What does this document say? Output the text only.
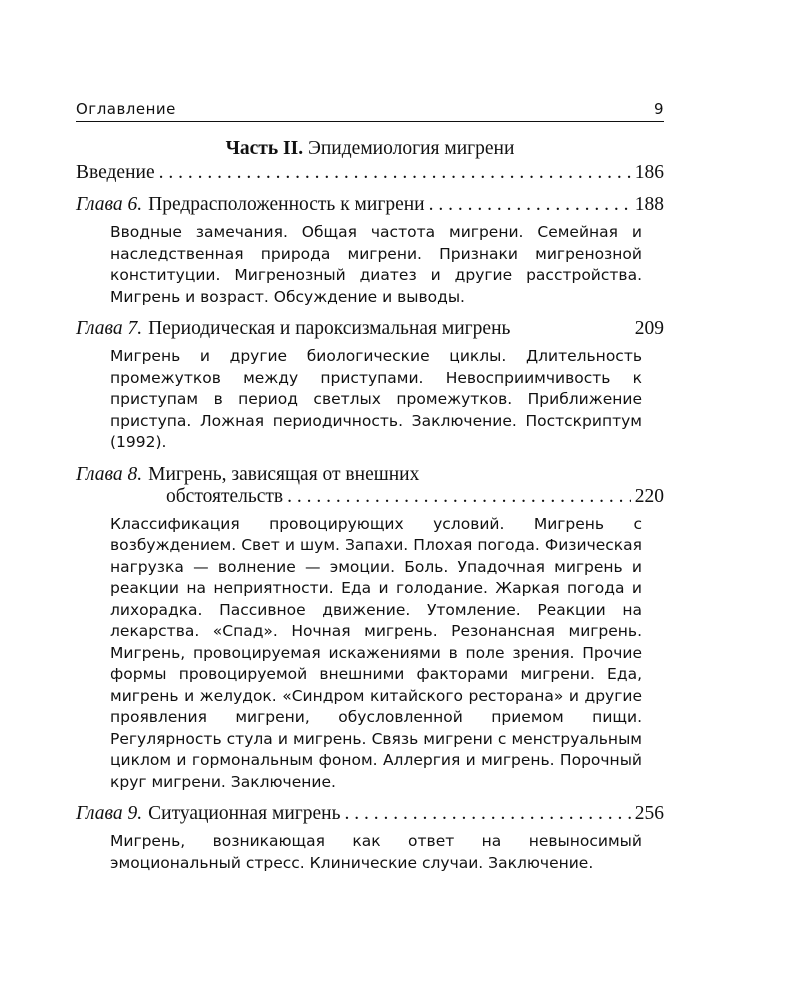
Оглавление	9
Часть II. Эпидемиология мигрени
Введение . . .	186
Глава 6. Предрасположенность к мигрени . . .	188
Вводные замечания. Общая частота мигрени. Семейная и наследственная природа мигрени. Признаки мигренозной конституции. Мигренозный диатез и другие расстройства. Мигрень и возраст. Обсуждение и выводы.
Глава 7. Периодическая и пароксизмальная мигрень	209
Мигрень и другие биологические циклы. Длительность промежутков между приступами. Невосприимчивость к приступам в период светлых промежутков. Приближение приступа. Ложная периодичность. Заключение. Постскриптум (1992).
Глава 8. Мигрень, зависящая от внешних
обстоятельств . . .	220
Классификация провоцирующих условий. Мигрень с возбуждением. Свет и шум. Запахи. Плохая погода. Физическая нагрузка — волнение — эмоции. Боль. Упадочная мигрень и реакции на неприятности. Еда и голодание. Жаркая погода и лихорадка. Пассивное движение. Утомление. Реакции на лекарства. «Спад». Ночная мигрень. Резонансная мигрень. Мигрень, провоцируемая искажениями в поле зрения. Прочие формы провоцируемой внешними факторами мигрени. Еда, мигрень и желудок. «Синдром китайского ресторана» и другие проявления мигрени, обусловленной приемом пищи. Регулярность стула и мигрень. Связь мигрени с менструальным циклом и гормональным фоном. Аллергия и мигрень. Порочный круг мигрени. Заключение.
Глава 9. Ситуационная мигрень . . .	256
Мигрень, возникающая как ответ на невыносимый эмоциональный стресс. Клинические случаи. Заключение.
